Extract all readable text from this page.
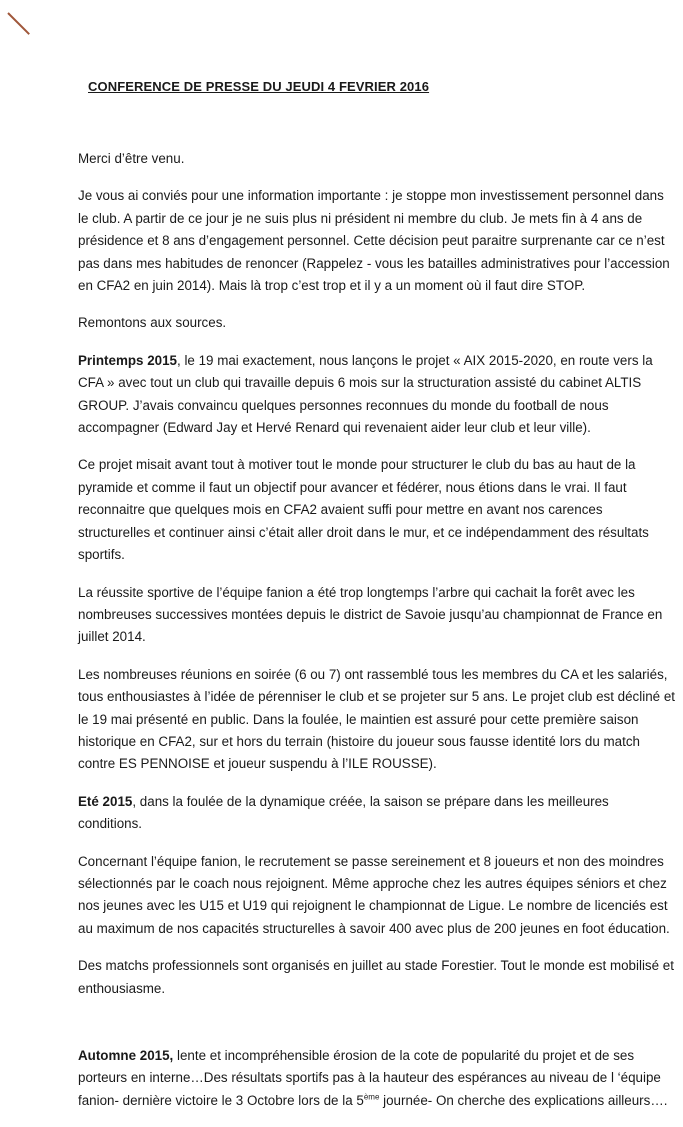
CONFERENCE DE PRESSE DU JEUDI 4 FEVRIER 2016

Merci d’être venu.

Je vous ai conviés pour une information importante : je stoppe mon investissement personnel dans le club. A partir de ce jour je ne suis plus ni président ni membre du club. Je mets fin à 4 ans de présidence et 8 ans d’engagement personnel. Cette décision peut paraitre surprenante car ce n’est pas dans mes habitudes de renoncer (Rappelez - vous les batailles administratives pour l’accession en CFA2 en juin 2014). Mais là trop c’est trop et il y a un moment où il faut dire STOP.

Remontons aux sources.

Printemps 2015, le 19 mai exactement, nous lançons le projet « AIX 2015-2020, en route vers la CFA » avec tout un club qui travaille depuis 6 mois sur la structuration assisté du cabinet ALTIS GROUP. J’avais convaincu quelques personnes reconnues du monde du football de nous accompagner (Edward Jay et Hervé Renard qui revenaient aider leur club et leur ville).

Ce projet misait avant tout à motiver tout le monde pour structurer le club du bas au haut de la pyramide et comme il faut un objectif pour avancer et fédérer, nous étions dans le vrai. Il faut reconnaitre que quelques mois en CFA2 avaient suffi pour mettre en avant nos carences structurelles et continuer ainsi c’était aller droit dans le mur, et ce indépendamment des résultats sportifs.

La réussite sportive de l’équipe fanion a été trop longtemps l’arbre qui cachait la forêt avec les nombreuses successives montées depuis le district de Savoie jusqu’au championnat de France en juillet 2014.

Les nombreuses réunions en soirée (6 ou 7) ont rassemblé tous les membres du CA et les salariés, tous enthousiastes à l’idée de pérenniser le club et se projeter sur 5 ans. Le projet club est décliné et le 19 mai présenté en public. Dans la foulée, le maintien est assuré pour cette première saison historique en CFA2, sur et hors du terrain (histoire du joueur sous fausse identité lors du match contre ES PENNOISE et joueur suspendu à l’ILE ROUSSE).

Eté 2015, dans la foulée de la dynamique créée, la saison se prépare dans les meilleures conditions.

Concernant l’équipe fanion, le recrutement se passe sereinement et 8 joueurs et non des moindres sélectionnés par le coach nous rejoignent. Même approche chez les autres équipes séniors et chez nos jeunes avec les U15 et U19 qui rejoignent le championnat de Ligue. Le nombre de licenciés est au maximum de nos capacités structurelles à savoir 400 avec plus de 200 jeunes en foot éducation.

Des matchs professionnels sont organisés en juillet au stade Forestier. Tout le monde est mobilisé et enthousiasme.

Automne 2015, lente et incompréhensible érosion de la cote de popularité du projet et de ses porteurs en interne…Des résultats sportifs pas à la hauteur des espérances au niveau de l ‘équipe fanion- dernière victoire le 3 Octobre lors de la 5ème journée- On cherche des explications ailleurs….
